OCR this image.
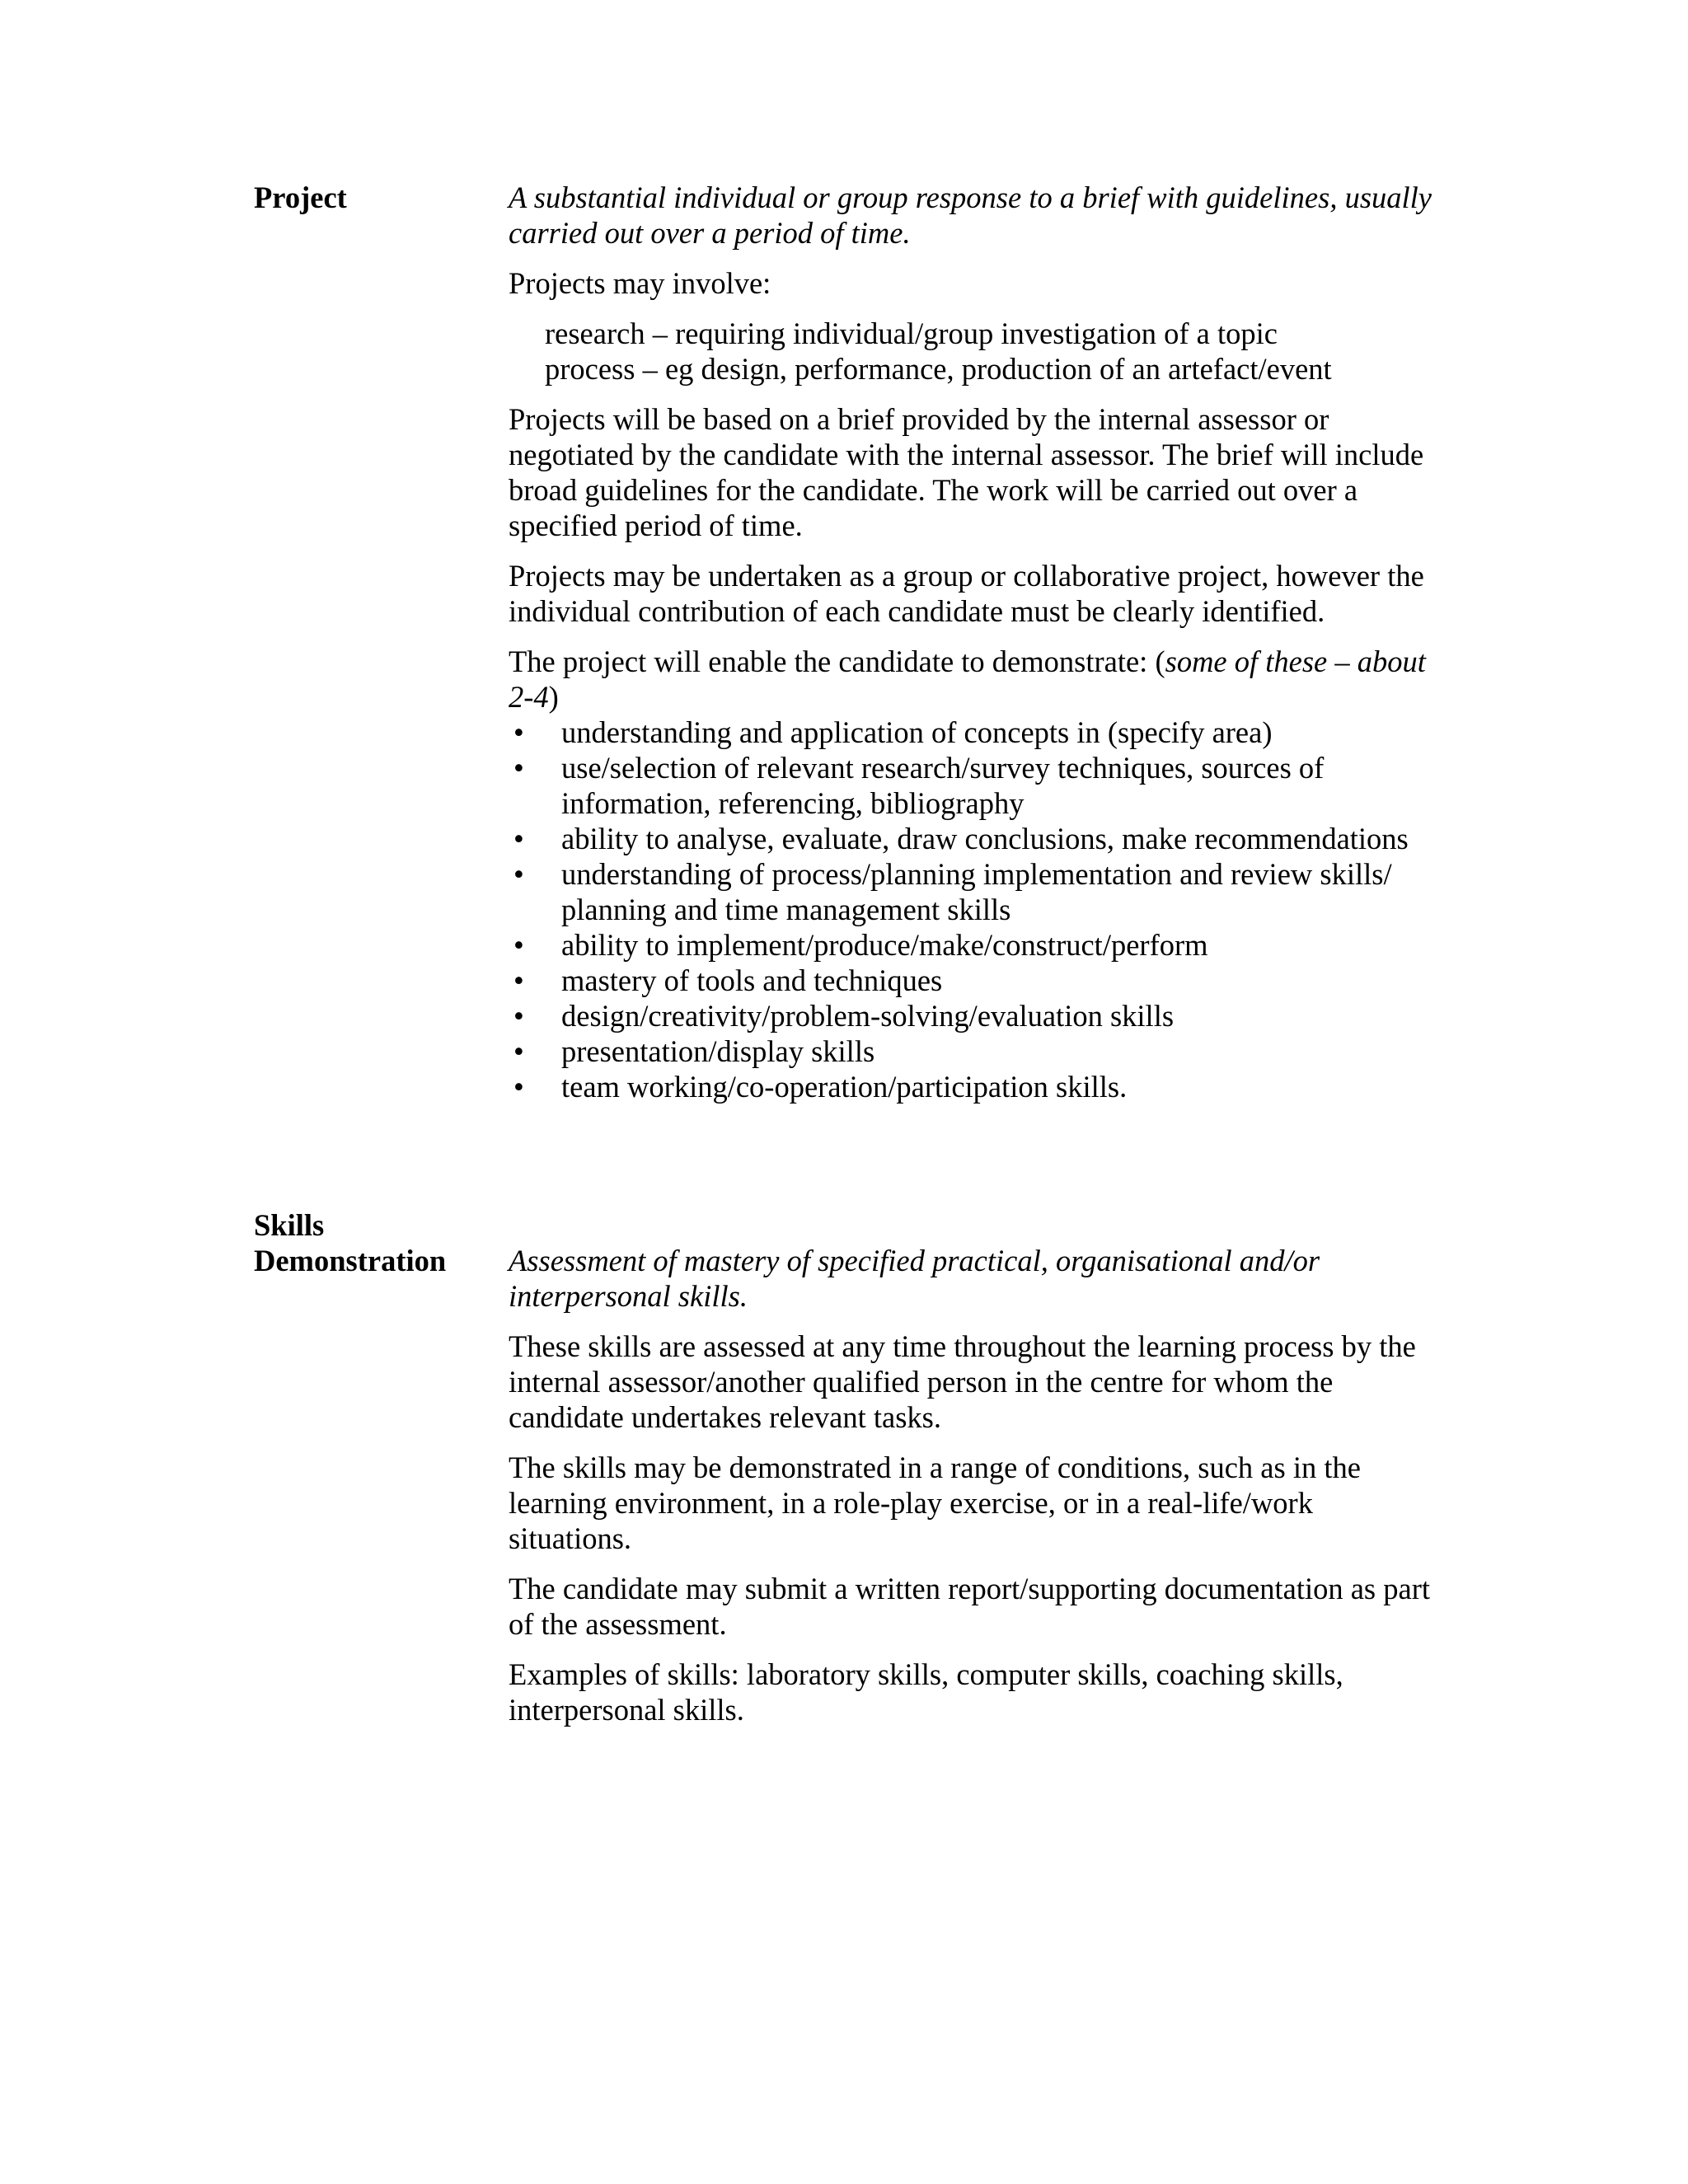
Project	A substantial individual or group response to a brief with guidelines, usually carried out over a period of time.

Projects may involve:

research – requiring individual/group investigation of a topic
process – eg design, performance, production of an artefact/event

Projects will be based on a brief provided by the internal assessor or negotiated by the candidate with the internal assessor. The brief will include broad guidelines for the candidate. The work will be carried out over a specified period of time.

Projects may be undertaken as a group or collaborative project, however the individual contribution of each candidate must be clearly identified.

The project will enable the candidate to demonstrate: (some of these – about 2-4)

• understanding and application of concepts in (specify area)
• use/selection of relevant research/survey techniques, sources of information, referencing, bibliography
• ability to analyse, evaluate, draw conclusions, make recommendations
• understanding of process/planning implementation and review skills/ planning and time management skills
• ability to implement/produce/make/construct/perform
• mastery of tools and techniques
• design/creativity/problem-solving/evaluation skills
• presentation/display skills
• team working/co-operation/participation skills.
Skills
Demonstration	Assessment of mastery of specified practical, organisational and/or interpersonal skills.

These skills are assessed at any time throughout the learning process by the internal assessor/another qualified person in the centre for whom the candidate undertakes relevant tasks.

The skills may be demonstrated in a range of conditions, such as in the learning environment, in a role-play exercise, or in a real-life/work situations.

The candidate may submit a written report/supporting documentation as part of the assessment.

Examples of skills: laboratory skills, computer skills, coaching skills, interpersonal skills.
